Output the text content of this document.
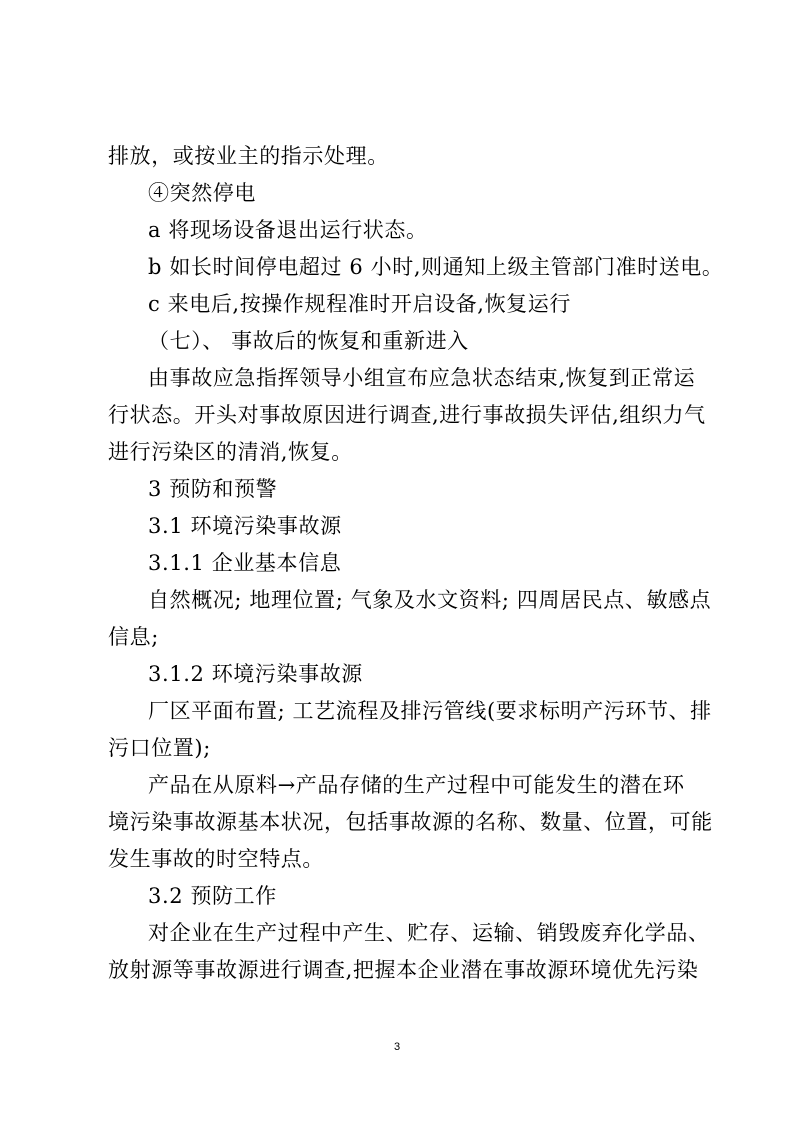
排放，或按业主的指示处理。
④突然停电
a 将现场设备退出运行状态。
b 如长时间停电超过 6 小时,则通知上级主管部门准时送电。
c 来电后,按操作规程准时开启设备,恢复运行
（七）、 事故后的恢复和重新进入
由事故应急指挥领导小组宣布应急状态结束,恢复到正常运
行状态。开头对事故原因进行调查,进行事故损失评估,组织力气
进行污染区的清消,恢复。
3 预防和预警
3.1 环境污染事故源
3.1.1 企业基本信息
自然概况; 地理位置; 气象及水文资料; 四周居民点、敏感点
信息;
3.1.2 环境污染事故源
厂区平面布置; 工艺流程及排污管线(要求标明产污环节、排
污口位置);
产品在从原料→产品存储的生产过程中可能发生的潜在环
境污染事故源基本状况，包括事故源的名称、数量、位置，可能
发生事故的时空特点。
3.2 预防工作
对企业在生产过程中产生、贮存、运输、销毁废弃化学品、
放射源等事故源进行调查,把握本企业潜在事故源环境优先污染
3
